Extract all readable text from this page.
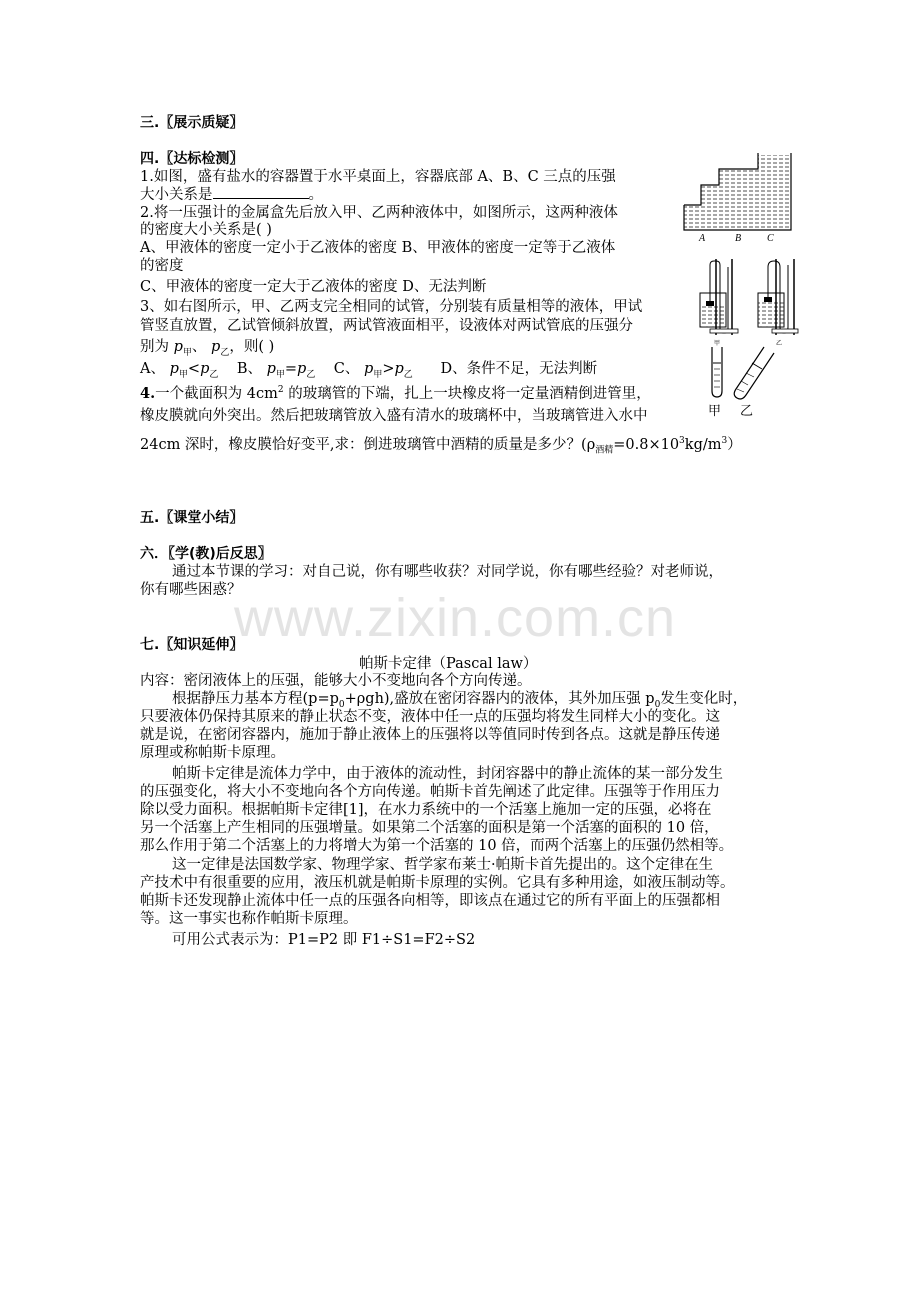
www.zixin.com.cn
三.〖展示质疑〗
四.〖达标检测〗
1.如图，盛有盐水的容器置于水平桌面上，容器底部 A、B、C 三点的压强
大小关系是	。
2.将一压强计的金属盒先后放入甲、乙两种液体中，如图所示，这两种液体
的密度大小关系是( )
A、甲液体的密度一定小于乙液体的密度 B、甲液体的密度一定等于乙液体
的密度
C、甲液体的密度一定大于乙液体的密度 D、无法判断
3、如右图所示，甲、乙两支完全相同的试管，分别装有质量相等的液体，甲试
管竖直放置，乙试管倾斜放置，两试管液面相平，设液体对两试管底的压强分
别为 $p_甲$、 $p_乙$，则( )
A、 $p_甲<p_乙$ B、 $p_甲=p_乙$ C、 $p_甲>p_乙$ D、条件不足，无法判断
4.一个截面积为 $4cm^2$ 的玻璃管的下端，扎上一块橡皮将一定量酒精倒进管里，
橡皮膜就向外突出。然后把玻璃管放入盛有清水的玻璃杯中，当玻璃管进入水中
24cm 深时，橡皮膜恰好变平,求：倒进玻璃管中酒精的质量是多少？$(\rho_{酒精}=0.8\times 10^3kg/m^3)$
A	B	C
甲	乙
甲 乙
五.〖课堂小结〗
六．〖学(教)后反思〗
通过本节课的学习：对自己说，你有哪些收获？对同学说，你有哪些经验？对老师说，
你有哪些困惑？
七.〖知识延伸〗
帕斯卡定律（Pascal law）
内容：密闭液体上的压强，能够大小不变地向各个方向传递。
根据静压力基本方程$(p=p_0+\rho gh)$,盛放在密闭容器内的液体，其外加压强 $p_0$发生变化时，
只要液体仍保持其原来的静止状态不变，液体中任一点的压强均将发生同样大小的变化。这
就是说，在密闭容器内，施加于静止液体上的压强将以等值同时传到各点。这就是静压传递
原理或称帕斯卡原理。
帕斯卡定律是流体力学中，由于液体的流动性，封闭容器中的静止流体的某一部分发生
的压强变化，将大小不变地向各个方向传递。帕斯卡首先阐述了此定律。压强等于作用压力
除以受力面积。根据帕斯卡定律[1]，在水力系统中的一个活塞上施加一定的压强，必将在
另一个活塞上产生相同的压强增量。如果第二个活塞的面积是第一个活塞的面积的 10 倍，
那么作用于第二个活塞上的力将增大为第一个活塞的 10 倍，而两个活塞上的压强仍然相等。
这一定律是法国数学家、物理学家、哲学家布莱士·帕斯卡首先提出的。这个定律在生
产技术中有很重要的应用，液压机就是帕斯卡原理的实例。它具有多种用途，如液压制动等。
帕斯卡还发现静止流体中任一点的压强各向相等，即该点在通过它的所有平面上的压强都相
等。这一事实也称作帕斯卡原理。
可用公式表示为：P1=P2 即 F1÷S1=F2÷S2
